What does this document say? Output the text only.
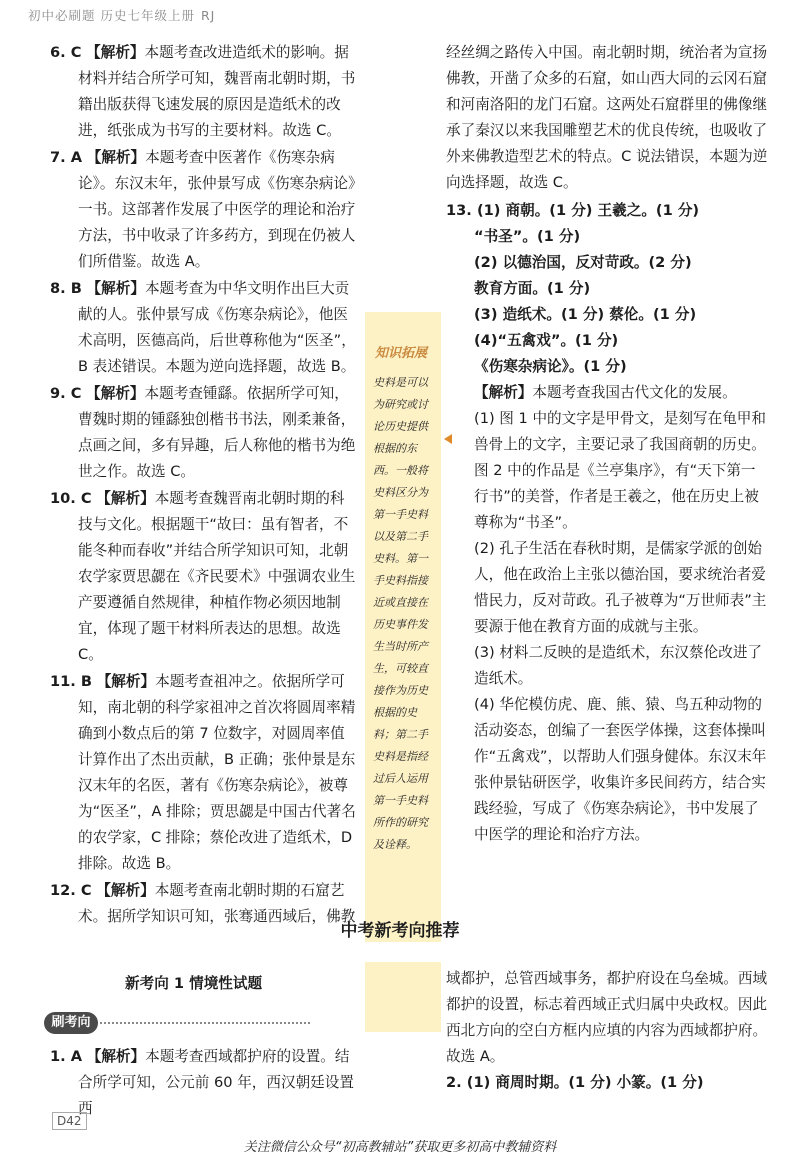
初中必刷题 历史七年级上册 RJ

6. C 【解析】本题考查改进造纸术的影响。据材料并结合所学可知，魏晋南北朝时期，书籍出版获得飞速发展的原因是造纸术的改进，纸张成为书写的主要材料。故选 C。

7. A 【解析】本题考查中医著作《伤寒杂病论》。东汉末年，张仲景写成《伤寒杂病论》一书。这部著作发展了中医学的理论和治疗方法，书中收录了许多药方，到现在仍被人们所借鉴。故选 A。

8. B 【解析】本题考查为中华文明作出巨大贡献的人。张仲景写成《伤寒杂病论》，他医术高明，医德高尚，后世尊称他为“医圣”，B 表述错误。本题为逆向选择题，故选 B。

9. C 【解析】本题考查锺繇。依据所学可知，曹魏时期的锺繇独创楷书书法，刚柔兼备，点画之间，多有异趣，后人称他的楷书为绝世之作。故选 C。

10. C 【解析】本题考查魏晋南北朝时期的科技与文化。根据题干“故曰：虽有智者，不能冬种而春收”并结合所学知识可知，北朝农学家贾思勰在《齐民要术》中强调农业生产要遵循自然规律，种植作物必须因地制宜，体现了题干材料所表达的思想。故选 C。

11. B 【解析】本题考查祖冲之。依据所学可知，南北朝的科学家祖冲之首次将圆周率精确到小数点后的第 7 位数字，对圆周率值计算作出了杰出贡献，B 正确；张仲景是东汉末年的名医，著有《伤寒杂病论》，被尊为“医圣”，A 排除；贾思勰是中国古代著名的农学家，C 排除；蔡伦改进了造纸术，D 排除。故选 B。

12. C 【解析】本题考查南北朝时期的石窟艺术。据所学知识可知，张骞通西域后，佛教

经丝绸之路传入中国。南北朝时期，统治者为宣扬佛教，开凿了众多的石窟，如山西大同的云冈石窟和河南洛阳的龙门石窟。这两处石窟群里的佛像继承了秦汉以来我国雕塑艺术的优良传统，也吸收了外来佛教造型艺术的特点。C 说法错误，本题为逆向选择题，故选 C。

13. (1) 商朝。(1 分) 王羲之。(1 分)
“书圣”。(1 分)
(2) 以德治国，反对苛政。(2 分)
教育方面。(1 分)
(3) 造纸术。(1 分) 蔡伦。(1 分)
(4)“五禽戏”。(1 分)
《伤寒杂病论》。(1 分)
【解析】本题考查我国古代文化的发展。
(1) 图 1 中的文字是甲骨文，是刻写在龟甲和兽骨上的文字，主要记录了我国商朝的历史。图 2 中的作品是《兰亭集序》，有“天下第一行书”的美誉，作者是王羲之，他在历史上被尊称为“书圣”。
(2) 孔子生活在春秋时期，是儒家学派的创始人，他在政治上主张以德治国，要求统治者爱惜民力，反对苛政。孔子被尊为“万世师表”主要源于他在教育方面的成就与主张。
(3) 材料二反映的是造纸术，东汉蔡伦改进了造纸术。
(4) 华佗模仿虎、鹿、熊、猿、鸟五种动物的活动姿态，创编了一套医学体操，这套体操叫作“五禽戏”，以帮助人们强身健体。东汉末年张仲景钻研医学，收集许多民间药方，结合实践经验，写成了《伤寒杂病论》，书中发展了中医学的理论和治疗方法。
知识拓展
史料是可以为研究或讨论历史提供根据的东西。一般将史料区分为第一手史料以及第二手史料。第一手史料指接近或直接在历史事件发生当时所产生，可较直接作为历史根据的史料；第二手史料是指经过后人运用第一手史料所作的研究及诠释。
中考新考向推荐
新考向 1 情境性试题
刷考向

1. A 【解析】本题考查西域都护府的设置。结合所学可知，公元前 60 年，西汉朝廷设置西

域都护，总管西域事务，都护府设在乌垒城。西域都护的设置，标志着西域正式归属中央政权。因此西北方向的空白方框内应填的内容为西域都护府。故选 A。

2. (1) 商周时期。(1 分) 小篆。(1 分)

D42
关注微信公众号“初高教辅站”获取更多初高中教辅资料
